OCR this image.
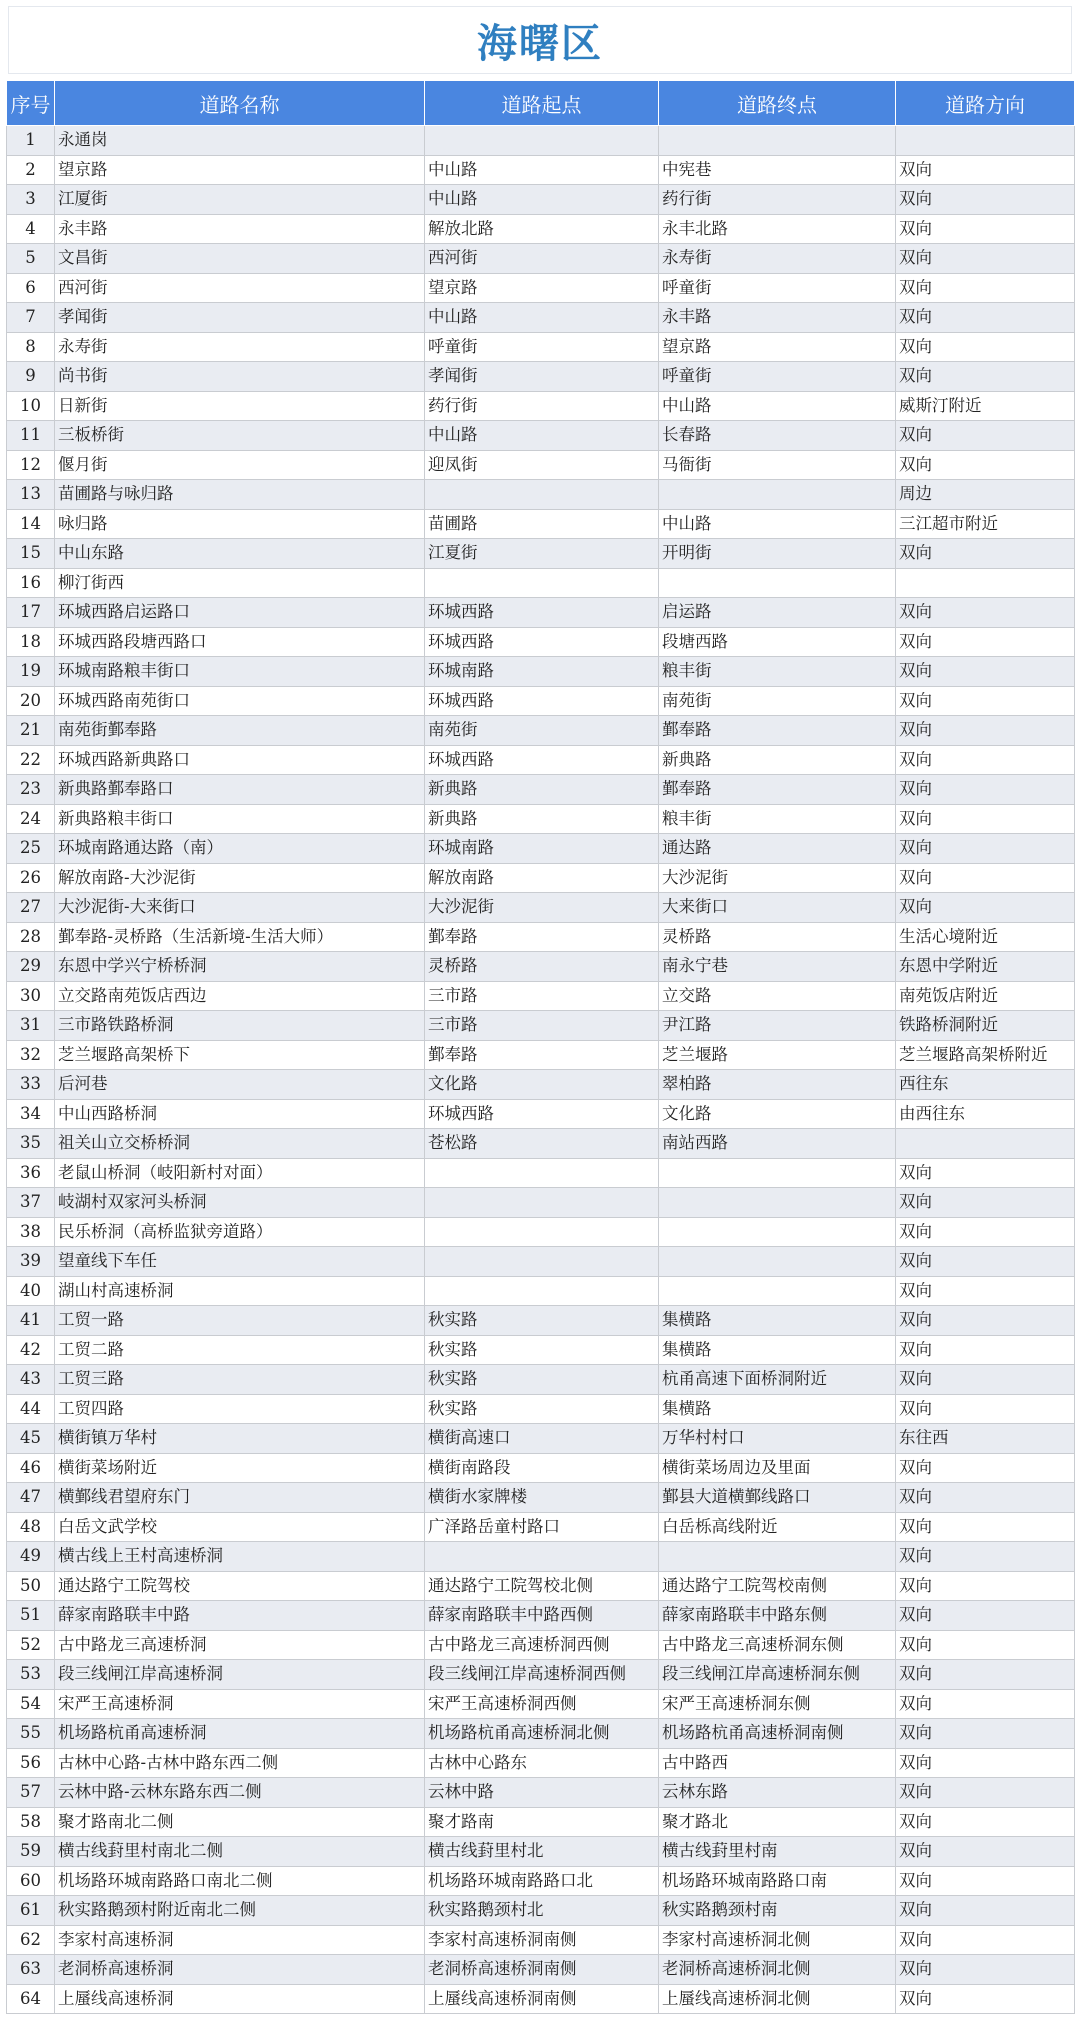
海曙区
序号	道路名称	道路起点	道路终点	道路方向
1	永通岗			
2	望京路	中山路	中宪巷	双向
3	江厦街	中山路	药行街	双向
4	永丰路	解放北路	永丰北路	双向
5	文昌街	西河街	永寿街	双向
6	西河街	望京路	呼童街	双向
7	孝闻街	中山路	永丰路	双向
8	永寿街	呼童街	望京路	双向
9	尚书街	孝闻街	呼童街	双向
10	日新街	药行街	中山路	威斯汀附近
11	三板桥街	中山路	长春路	双向
12	偃月街	迎凤街	马衙街	双向
13	苗圃路与咏归路			周边
14	咏归路	苗圃路	中山路	三江超市附近
15	中山东路	江夏街	开明街	双向
16	柳汀街西			
17	环城西路启运路口	环城西路	启运路	双向
18	环城西路段塘西路口	环城西路	段塘西路	双向
19	环城南路粮丰街口	环城南路	粮丰街	双向
20	环城西路南苑街口	环城西路	南苑街	双向
21	南苑街鄞奉路	南苑街	鄞奉路	双向
22	环城西路新典路口	环城西路	新典路	双向
23	新典路鄞奉路口	新典路	鄞奉路	双向
24	新典路粮丰街口	新典路	粮丰街	双向
25	环城南路通达路（南）	环城南路	通达路	双向
26	解放南路-大沙泥街	解放南路	大沙泥街	双向
27	大沙泥街-大来街口	大沙泥街	大来街口	双向
28	鄞奉路-灵桥路（生活新境-生活大师）	鄞奉路	灵桥路	生活心境附近
29	东恩中学兴宁桥桥洞	灵桥路	南永宁巷	东恩中学附近
30	立交路南苑饭店西边	三市路	立交路	南苑饭店附近
31	三市路铁路桥洞	三市路	尹江路	铁路桥洞附近
32	芝兰堰路高架桥下	鄞奉路	芝兰堰路	芝兰堰路高架桥附近
33	后河巷	文化路	翠柏路	西往东
34	中山西路桥洞	环城西路	文化路	由西往东
35	祖关山立交桥桥洞	苍松路	南站西路	
36	老鼠山桥洞（岐阳新村对面）			双向
37	岐湖村双家河头桥洞			双向
38	民乐桥洞（高桥监狱旁道路）			双向
39	望童线下车任			双向
40	湖山村高速桥洞			双向
41	工贸一路	秋实路	集横路	双向
42	工贸二路	秋实路	集横路	双向
43	工贸三路	秋实路	杭甬高速下面桥洞附近	双向
44	工贸四路	秋实路	集横路	双向
45	横街镇万华村	横街高速口	万华村村口	东往西
46	横街菜场附近	横街南路段	横街菜场周边及里面	双向
47	横鄞线君望府东门	横街水家牌楼	鄞县大道横鄞线路口	双向
48	白岳文武学校	广泽路岳童村路口	白岳栎高线附近	双向
49	横古线上王村高速桥洞			双向
50	通达路宁工院驾校	通达路宁工院驾校北侧	通达路宁工院驾校南侧	双向
51	薛家南路联丰中路	薛家南路联丰中路西侧	薛家南路联丰中路东侧	双向
52	古中路龙三高速桥洞	古中路龙三高速桥洞西侧	古中路龙三高速桥洞东侧	双向
53	段三线闸江岸高速桥洞	段三线闸江岸高速桥洞西侧	段三线闸江岸高速桥洞东侧	双向
54	宋严王高速桥洞	宋严王高速桥洞西侧	宋严王高速桥洞东侧	双向
55	机场路杭甬高速桥洞	机场路杭甬高速桥洞北侧	机场路杭甬高速桥洞南侧	双向
56	古林中心路-古林中路东西二侧	古林中心路东	古中路西	双向
57	云林中路-云林东路东西二侧	云林中路	云林东路	双向
58	聚才路南北二侧	聚才路南	聚才路北	双向
59	横古线葑里村南北二侧	横古线葑里村北	横古线葑里村南	双向
60	机场路环城南路路口南北二侧	机场路环城南路路口北	机场路环城南路路口南	双向
61	秋实路鹅颈村附近南北二侧	秋实路鹅颈村北	秋实路鹅颈村南	双向
62	李家村高速桥洞	李家村高速桥洞南侧	李家村高速桥洞北侧	双向
63	老洞桥高速桥洞	老洞桥高速桥洞南侧	老洞桥高速桥洞北侧	双向
64	上蜃线高速桥洞	上蜃线高速桥洞南侧	上蜃线高速桥洞北侧	双向
